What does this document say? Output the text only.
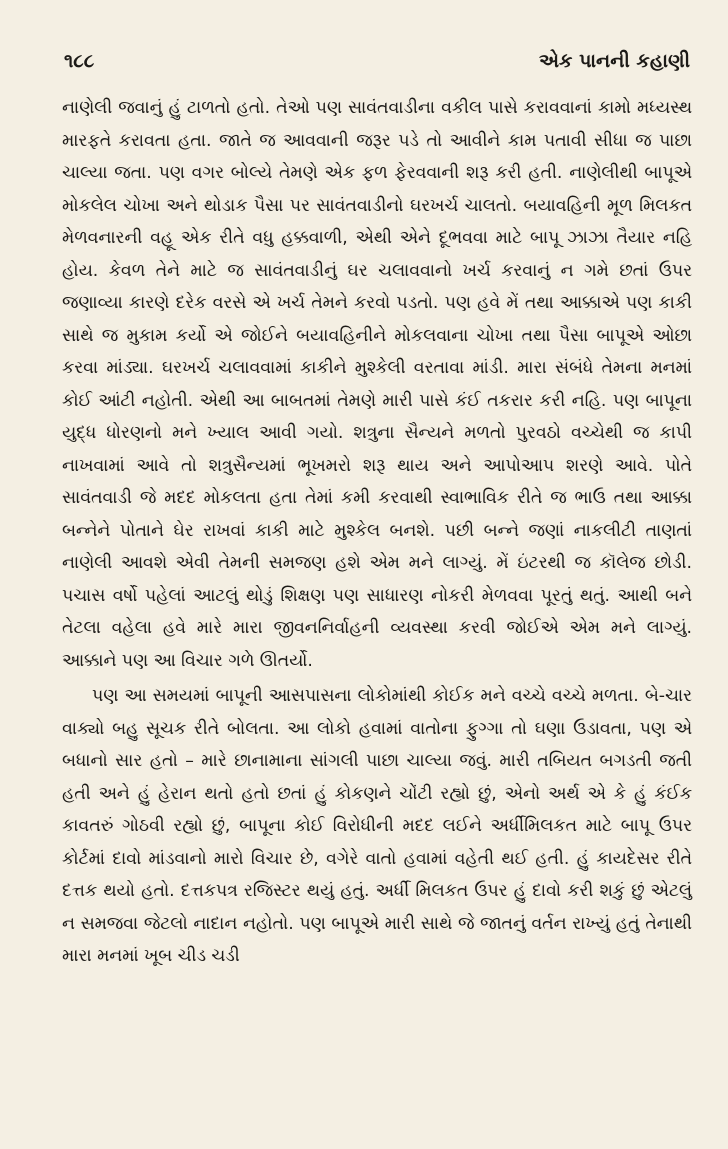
૧૮૮	એક પાનની કહાણી

નાણેલી જવાનું હું ટાળતો હતો. તેઓ પણ સાવંતવાડીના વકીલ પાસે કરાવવાનાં કામો મધ્યસ્થ મારફતે કરાવતા હતા. જાતે જ આવવાની જરૂર પડે તો આવીને કામ પતાવી સીધા જ પાછા ચાલ્યા જતા. પણ વગર બોલ્યે તેમણે એક ફળ ફેરવવાની શરૂ કરી હતી. નાણેલીથી બાપૂએ મોકલેલ ચોખા અને થોડાક પૈસા પર સાવંતવાડીનો ઘરખર્ચ ચાલતો. બયાવહિની મૂળ મિલકત મેળવનારની વહૂ એક રીતે વધુ હક્કવાળી, એથી એને દૂભવવા માટે બાપૂ ઝાઝા તૈયાર નહિ હોય. કેવળ તેને માટે જ સાવંતવાડીનું ઘર ચલાવવાનો ખર્ચ કરવાનું ન ગમે છતાં ઉપર જણાવ્યા કારણે દરેક વરસે એ ખર્ચ તેમને કરવો પડતો. પણ હવે મેં તથા આક્કાએ પણ કાકી સાથે જ મુકામ કર્યો એ જોઈને બયાવહિનીને મોકલવાના ચોખા તથા પૈસા બાપૂએ ઓછા કરવા માંડ્યા. ઘરખર્ચ ચલાવવામાં કાકીને મુશ્કેલી વરતાવા માંડી. મારા સંબંધે તેમના મનમાં કોઈ આંટી નહોતી. એથી આ બાબતમાં તેમણે મારી પાસે કંઈ તકરાર કરી નહિ. પણ બાપૂના યુદ્ધ ધોરણનો મને ખ્યાલ આવી ગયો. શત્રુના સૈન્યને મળતો પુરવઠો વચ્ચેથી જ કાપી નાખવામાં આવે તો શત્રુસૈન્યમાં ભૂખમરો શરૂ થાય અને આપોઆપ શરણે આવે. પોતે સાવંતવાડી જે મદદ મોકલતા હતા તેમાં કમી કરવાથી સ્વાભાવિક રીતે જ ભાઉ તથા આક્કા બન્નેને પોતાને ઘેર રાખવાં કાકી માટે મુશ્કેલ બનશે. પછી બન્ને જણાં નાકલીટી તાણતાં નાણેલી આવશે એવી તેમની સમજણ હશે એમ મને લાગ્યું. મેં ઇંટરથી જ કૉલેજ છોડી. પચાસ વર્ષો પહેલાં આટલું થોડું શિક્ષણ પણ સાધારણ નોકરી મેળવવા પૂરતું થતું. આથી બને તેટલા વહેલા હવે મારે મારા જીવનનિર્વાહની વ્યવસ્થા કરવી જોઈએ એમ મને લાગ્યું. આક્કાને પણ આ વિચાર ગળે ઊતર્યો.

પણ આ સમયમાં બાપૂની આસપાસના લોકોમાંથી કોઈક મને વચ્ચે વચ્ચે મળતા. બે-ચાર વાક્યો બહુ સૂચક રીતે બોલતા. આ લોકો હવામાં વાતોના ફુગ્ગા તો ઘણા ઉડાવતા, પણ એ બધાનો સાર હતો – મારે છાનામાના સાંગલી પાછા ચાલ્યા જવું. મારી તબિયત બગડતી જતી હતી અને હું હેરાન થતો હતો છતાં હું કોકણને ચોંટી રહ્યો છું, એનો અર્થ એ કે હું કંઈક કાવતરું ગોઠવી રહ્યો છું, બાપૂના કોઈ વિરોધીની મદદ લઈને અર્ધીમિલકત માટે બાપૂ ઉપર કોર્ટમાં દાવો માંડવાનો મારો વિચાર છે, વગેરે વાતો હવામાં વહેતી થઈ હતી. હું કાયદેસર રીતે દત્તક થયો હતો. દત્તકપત્ર રજિસ્ટર થયું હતું. અર્ધી મિલકત ઉપર હું દાવો કરી શકું છું એટલું ન સમજવા જેટલો નાદાન નહોતો. પણ બાપૂએ મારી સાથે જે જાતનું વર્તન રાખ્યું હતું તેનાથી મારા મનમાં ખૂબ ચીડ ચડી
